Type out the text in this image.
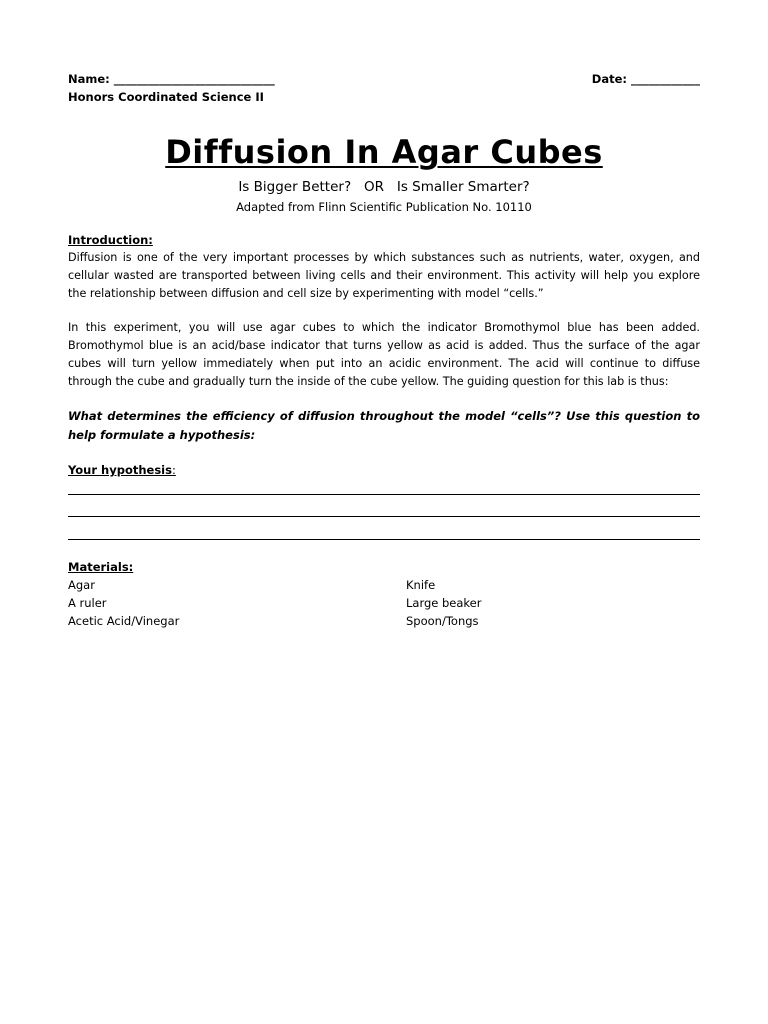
Name: ____________________________	Date: ____________
Honors Coordinated Science II
Diffusion In Agar Cubes
Is Bigger Better?   OR   Is Smaller Smarter?
Adapted from Flinn Scientific Publication No. 10110
Introduction:

Diffusion is one of the very important processes by which substances such as nutrients, water, oxygen, and cellular wasted are transported between living cells and their environment. This activity will help you explore the relationship between diffusion and cell size by experimenting with model “cells.”

In this experiment, you will use agar cubes to which the indicator Bromothymol blue has been added. Bromothymol blue is an acid/base indicator that turns yellow as acid is added. Thus the surface of the agar cubes will turn yellow immediately when put into an acidic environment. The acid will continue to diffuse through the cube and gradually turn the inside of the cube yellow. The guiding question for this lab is thus:

What determines the efficiency of diffusion throughout the model “cells”? Use this question to help formulate a hypothesis:
Your hypothesis:
Materials:
Agar
A ruler
Acetic Acid/Vinegar
Knife
Large beaker
Spoon/Tongs
